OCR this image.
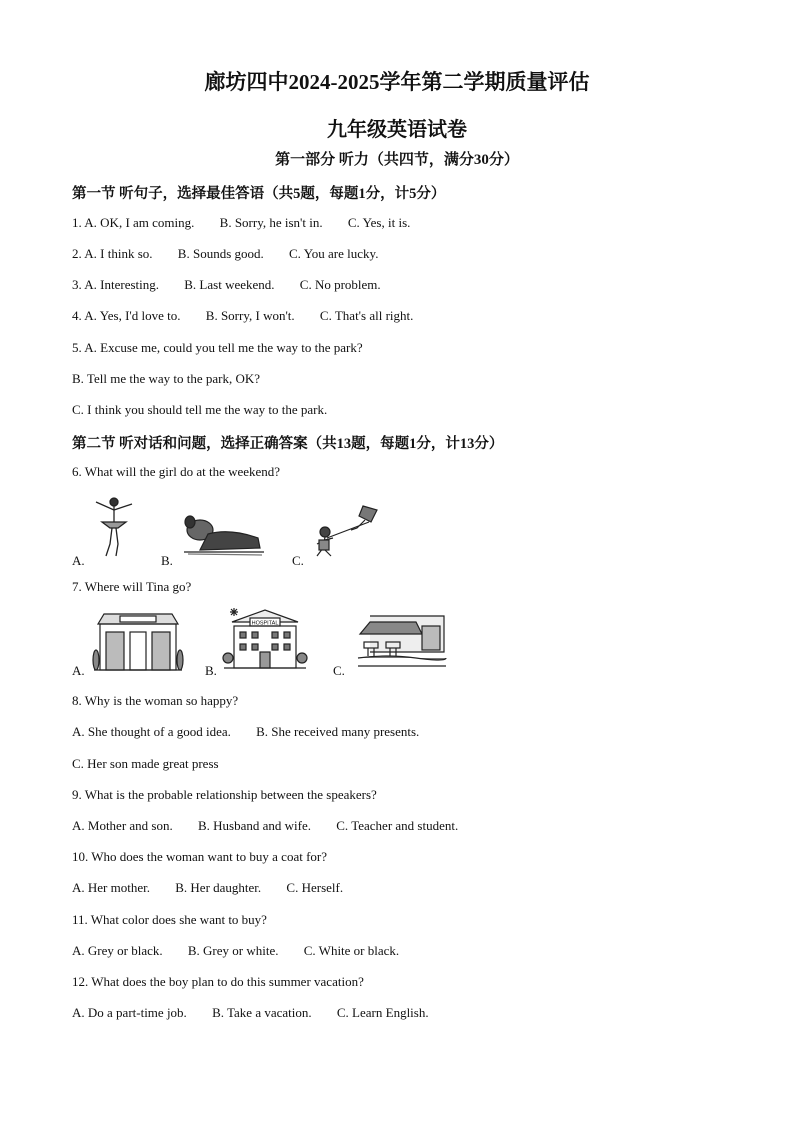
廊坊四中2024-2025学年第二学期质量评估
九年级英语试卷
第一部分 听力（共四节，满分30分）
第一节 听句子，选择最佳答语（共5题，每题1分，计5分）
1. A. OK, I am coming. B. Sorry, he isn't in. C. Yes, it is.
2. A. I think so. B. Sounds good. C. You are lucky.
3. A. Interesting. B. Last weekend. C. No problem.
4. A. Yes, I'd love to. B. Sorry, I won't. C. That's all right.
5. A. Excuse me, could you tell me the way to the park?
B. Tell me the way to the park, OK?
C. I think you should tell me the way to the park.
第二节 听对话和问题，选择正确答案（共13题，每题1分，计13分）
6. What will the girl do at the weekend?
A.	B.	C.
7. Where will Tina go?
A.
HOSPITAL
B.	C.
8. Why is the woman so happy?
A. She thought of a good idea. B. She received many presents.
C. Her son made great press
9. What is the probable relationship between the speakers?
A. Mother and son. B. Husband and wife. C. Teacher and student.
10. Who does the woman want to buy a coat for?
A. Her mother. B. Her daughter. C. Herself.
11. What color does she want to buy?
A. Grey or black. B. Grey or white. C. White or black.
12. What does the boy plan to do this summer vacation?
A. Do a part-time job. B. Take a vacation. C. Learn English.
